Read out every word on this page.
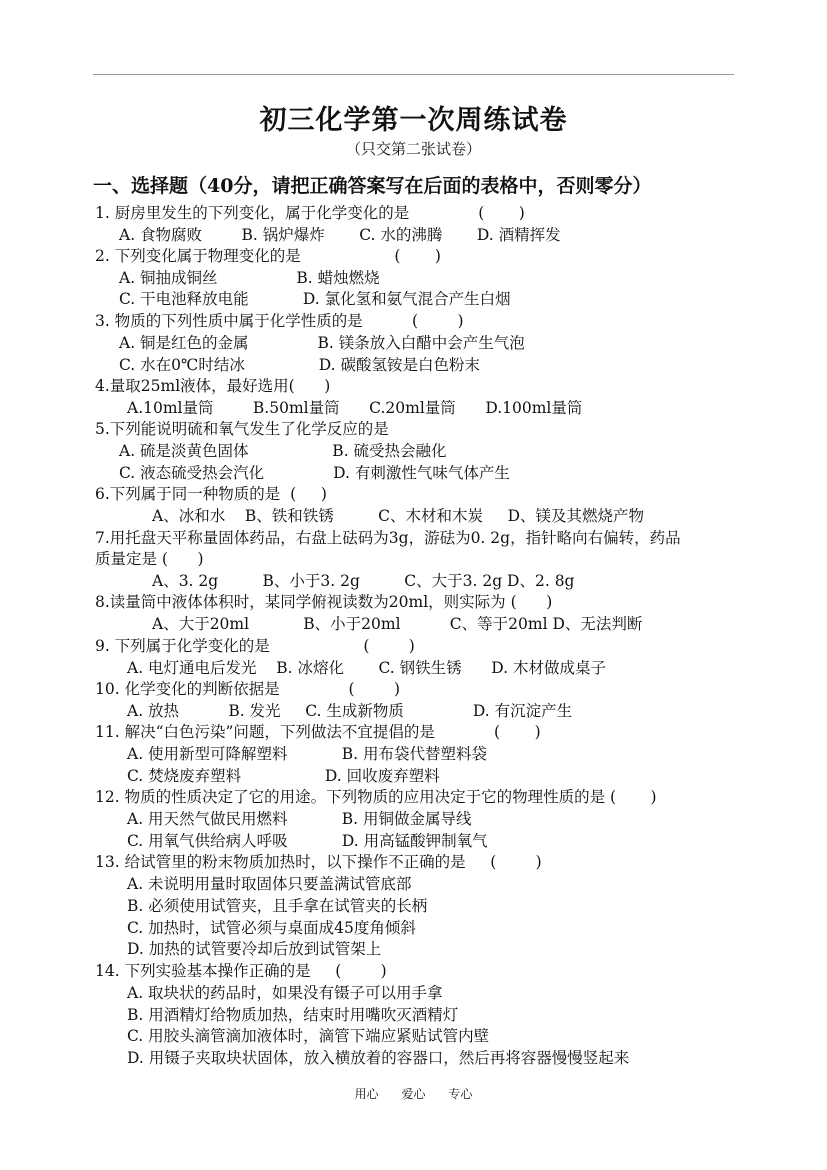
初三化学第一次周练试卷
（只交第二张试卷）
一、选择题（40分，请把正确答案写在后面的表格中，否则零分）
1. 厨房里发生的下列变化，属于化学变化的是              (       )
A. 食物腐败        B. 锅炉爆炸       C. 水的沸腾       D. 酒精挥发
2. 下列变化属于物理变化的是                   (       )
A. 铜抽成铜丝                B. 蜡烛燃烧
C. 干电池释放电能           D. 氯化氢和氨气混合产生白烟
3. 物质的下列性质中属于化学性质的是          (        )
A. 铜是红色的金属              B. 镁条放入白醋中会产生气泡
C. 水在0℃时结冰               D. 碳酸氢铵是白色粉末
4.量取25ml液体，最好选用(      )
A.10ml量筒        B.50ml量筒      C.20ml量筒      D.100ml量筒
5.下列能说明硫和氧气发生了化学反应的是
A. 硫是淡黄色固体                 B. 硫受热会融化
C. 液态硫受热会汽化              D. 有刺激性气味气体产生
6.下列属于同一种物质的是  (     )
A、冰和水    B、铁和铁锈         C、木材和木炭     D、镁及其燃烧产物
7.用托盘天平称量固体药品，右盘上砝码为3g，游砝为0. 2g，指针略向右偏转，药品
质量定是 (      )
A、3. 2g         B、小于3. 2g         C、大于3. 2g D、2. 8g
8.读量筒中液体体积时，某同学俯视读数为20ml，则实际为 (      )
A、大于20ml           B、小于20ml          C、等于20ml D、无法判断
9. 下列属于化学变化的是                   (        )
A. 电灯通电后发光    B. 冰熔化       C. 钢铁生锈      D. 木材做成桌子
10. 化学变化的判断依据是              (        )
A. 放热          B. 发光     C. 生成新物质              D. 有沉淀产生
11. 解决“白色污染”问题，下列做法不宜提倡的是            (       )
A. 使用新型可降解塑料           B. 用布袋代替塑料袋
C. 焚烧废弃塑料                 D. 回收废弃塑料
12. 物质的性质决定了它的用途。下列物质的应用决定于它的物理性质的是 (       )
A. 用天然气做民用燃料           B. 用铜做金属导线
C. 用氧气供给病人呼吸           D. 用高锰酸钾制氧气
13. 给试管里的粉末物质加热时，以下操作不正确的是     (        )
A. 未说明用量时取固体只要盖满试管底部
B. 必须使用试管夹，且手拿在试管夹的长柄
C. 加热时，试管必须与桌面成45度角倾斜
D. 加热的试管要冷却后放到试管架上
14. 下列实验基本操作正确的是     (        )
A. 取块状的药品时，如果没有镊子可以用手拿
B. 用酒精灯给物质加热，结束时用嘴吹灭酒精灯
C. 用胶头滴管滴加液体时，滴管下端应紧贴试管内壁
D. 用镊子夹取块状固体，放入横放着的容器口，然后再将容器慢慢竖起来
用心      爱心      专心
